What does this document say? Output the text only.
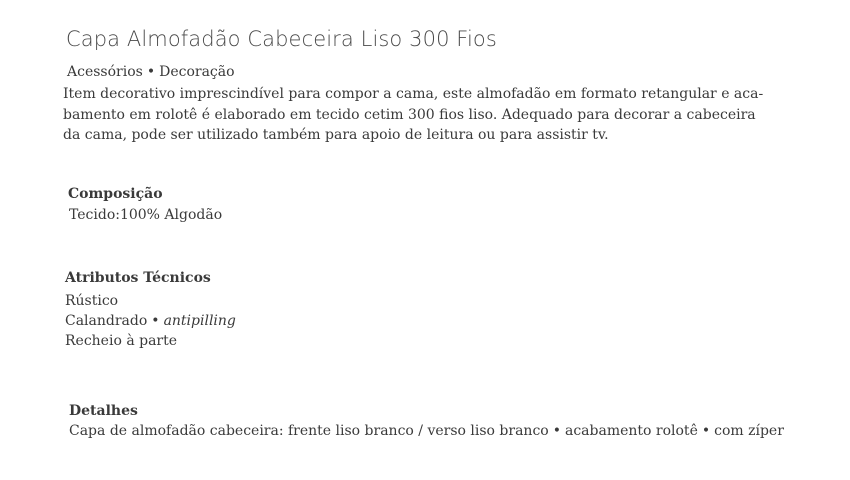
Capa Almofadão Cabeceira Liso 300 Fios
Acessórios • Decoração

Item decorativo imprescindível para compor a cama, este almofadão em formato retangular e aca-

bamento em rolotê é elaborado em tecido cetim 300 fios liso. Adequado para decorar a cabeceira

da cama, pode ser utilizado também para apoio de leitura ou para assistir tv.

Composição
Tecido:100% Algodão
Atributos Técnicos
Rústico
Calandrado • antipilling
Recheio à parte
Detalhes
Capa de almofadão cabeceira: frente liso branco / verso liso branco • acabamento rolotê • com zíper
